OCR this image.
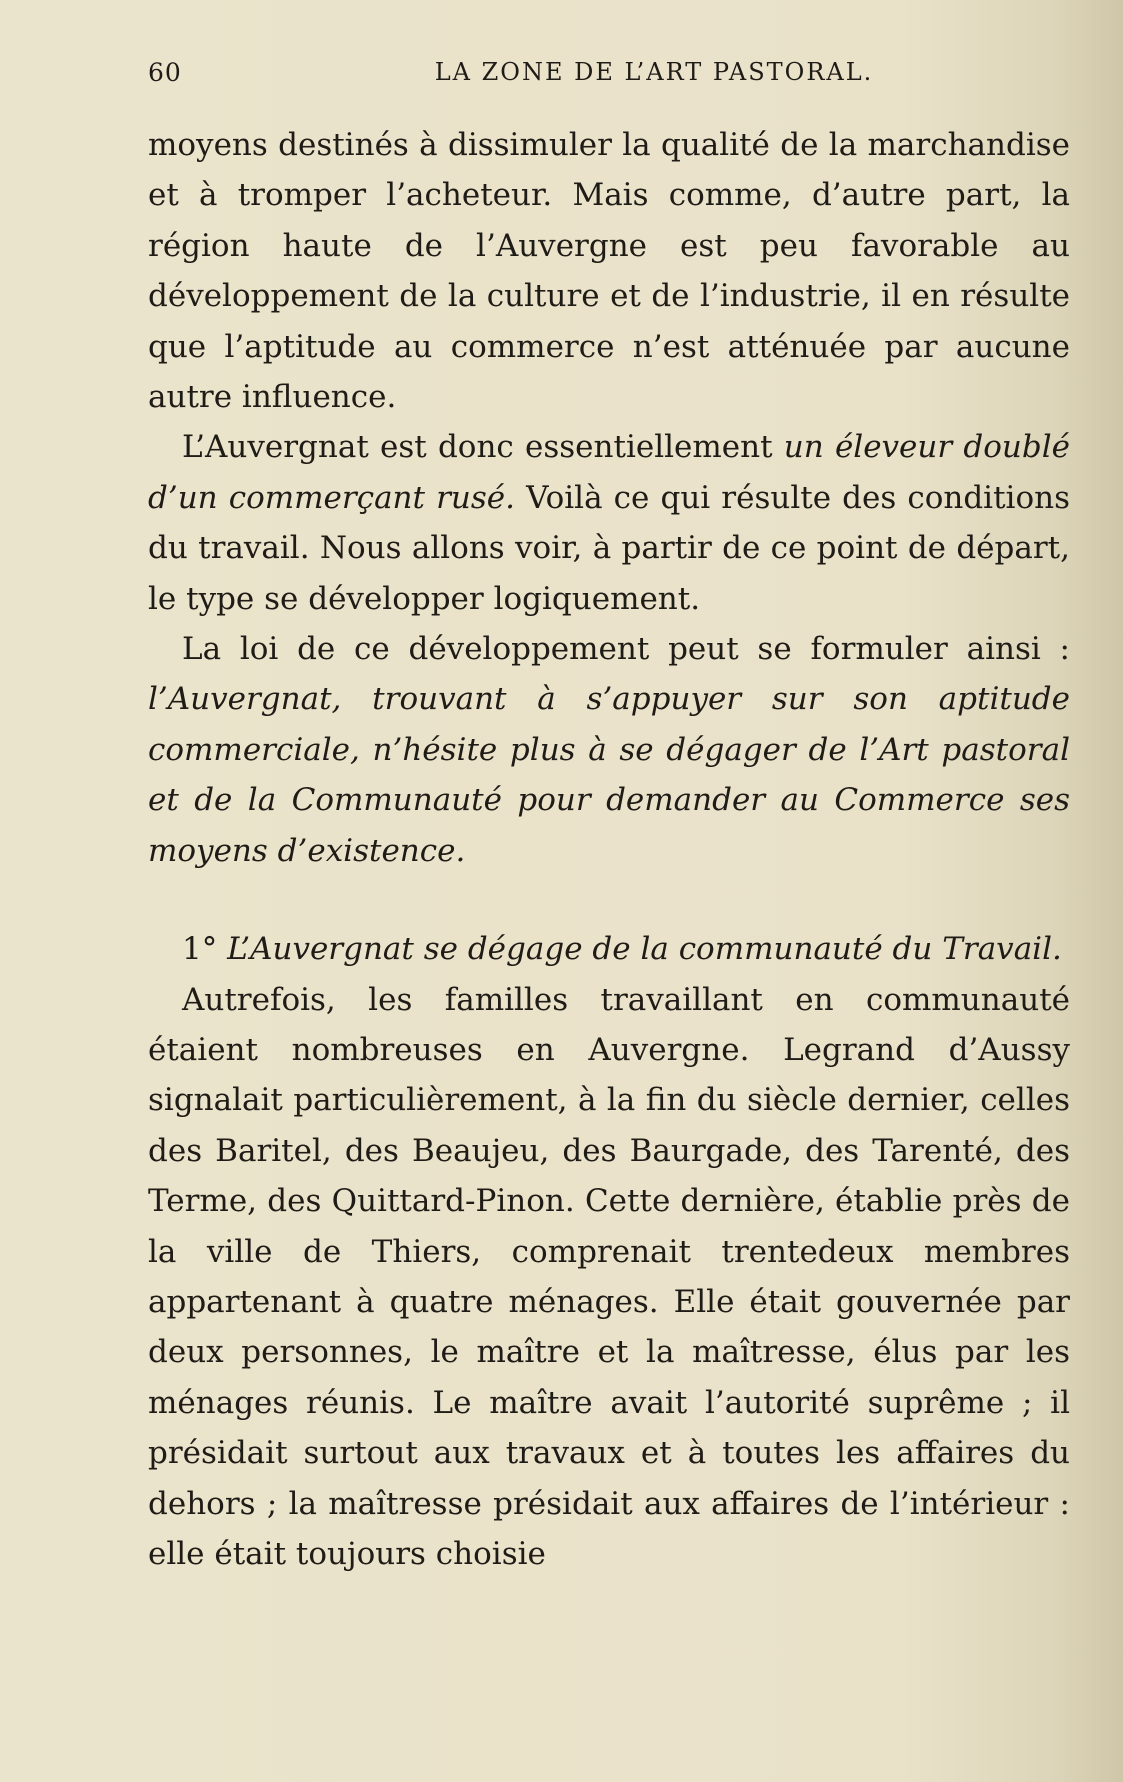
60	LA ZONE DE L’ART PASTORAL.

moyens destinés à dissimuler la qualité de la marchandise et à tromper l’acheteur. Mais comme, d’autre part, la région haute de l’Auvergne est peu favorable au développement de la culture et de l’industrie, il en résulte que l’aptitude au commerce n’est atténuée par aucune autre influence.

L’Auvergnat est donc essentiellement un éleveur doublé d’un commerçant rusé. Voilà ce qui résulte des conditions du travail. Nous allons voir, à partir de ce point de départ, le type se développer logiquement.

La loi de ce développement peut se formuler ainsi : l’Auvergnat, trouvant à s’appuyer sur son aptitude commerciale, n’hésite plus à se dégager de l’Art pastoral et de la Communauté pour demander au Commerce ses moyens d’existence.

1° L’Auvergnat se dégage de la communauté du Travail.

Autrefois, les familles travaillant en communauté étaient nombreuses en Auvergne. Legrand d’Aussy signalait particulièrement, à la fin du siècle dernier, celles des Baritel, des Beaujeu, des Baurgade, des Tarenté, des Terme, des Quittard-Pinon. Cette dernière, établie près de la ville de Thiers, comprenait trentedeux membres appartenant à quatre ménages. Elle était gouvernée par deux personnes, le maître et la maîtresse, élus par les ménages réunis. Le maître avait l’autorité suprême ; il présidait surtout aux travaux et à toutes les affaires du dehors ; la maîtresse présidait aux affaires de l’intérieur : elle était toujours choisie
